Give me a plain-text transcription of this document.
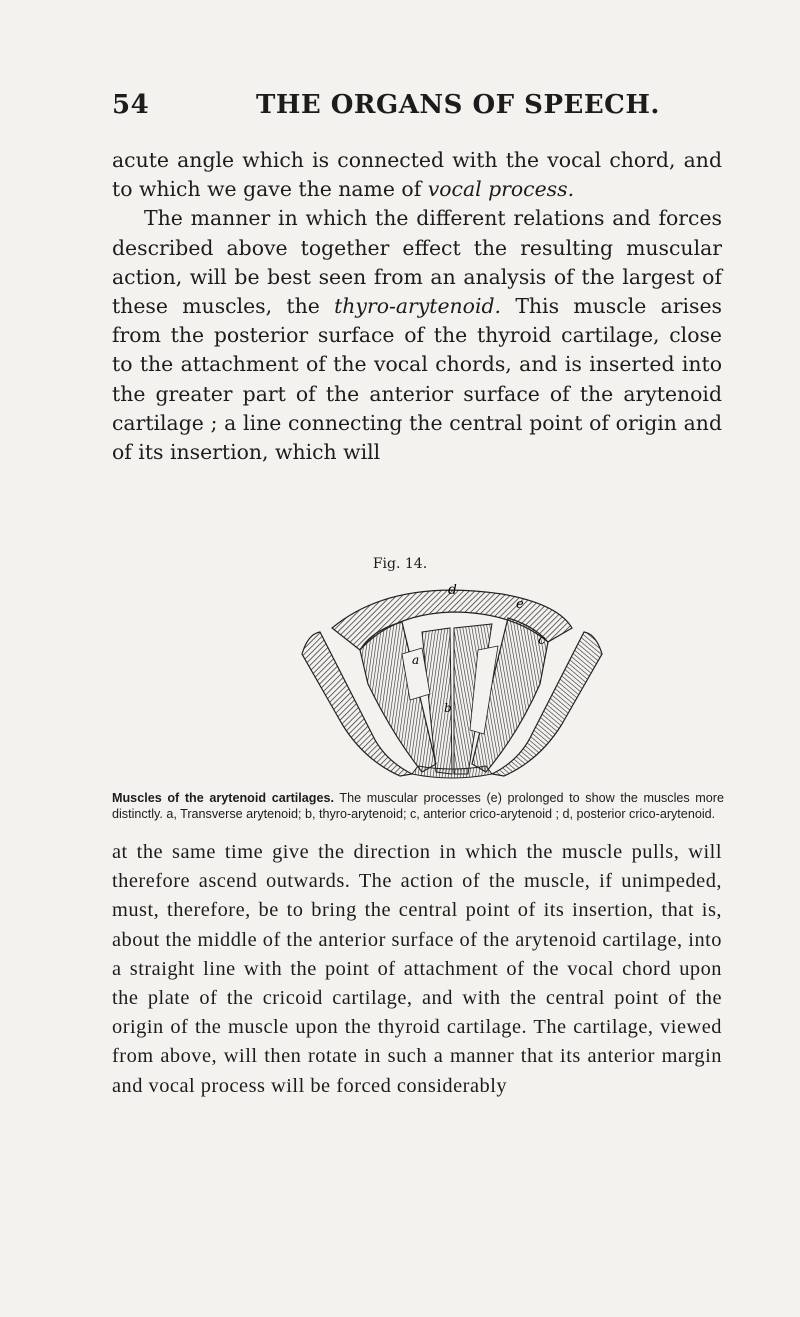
54	THE ORGANS OF SPEECH.

acute angle which is connected with the vocal chord, and to which we gave the name of vocal process.
The manner in which the different relations and forces described above together effect the resulting muscular action, will be best seen from an analysis of the largest of these muscles, the thyro-arytenoid. This muscle arises from the posterior surface of the thyroid cartilage, close to the attachment of the vocal chords, and is inserted into the greater part of the anterior surface of the arytenoid cartilage ; a line connecting the central point of origin and of its insertion, which will

Fig. 14.
d
e
c
a
b

Muscles of the arytenoid cartilages. The muscular processes (e) prolonged to show the muscles more distinctly. a, Transverse arytenoid; b, thyro-arytenoid; c, anterior crico-arytenoid ; d, posterior crico-arytenoid.

at the same time give the direction in which the muscle pulls, will therefore ascend outwards. The action of the muscle, if unimpeded, must, therefore, be to bring the central point of its insertion, that is, about the middle of the anterior surface of the arytenoid cartilage, into a straight line with the point of attachment of the vocal chord upon the plate of the cricoid cartilage, and with the central point of the origin of the muscle upon the thyroid cartilage. The cartilage, viewed from above, will then rotate in such a manner that its anterior margin and vocal process will be forced considerably
